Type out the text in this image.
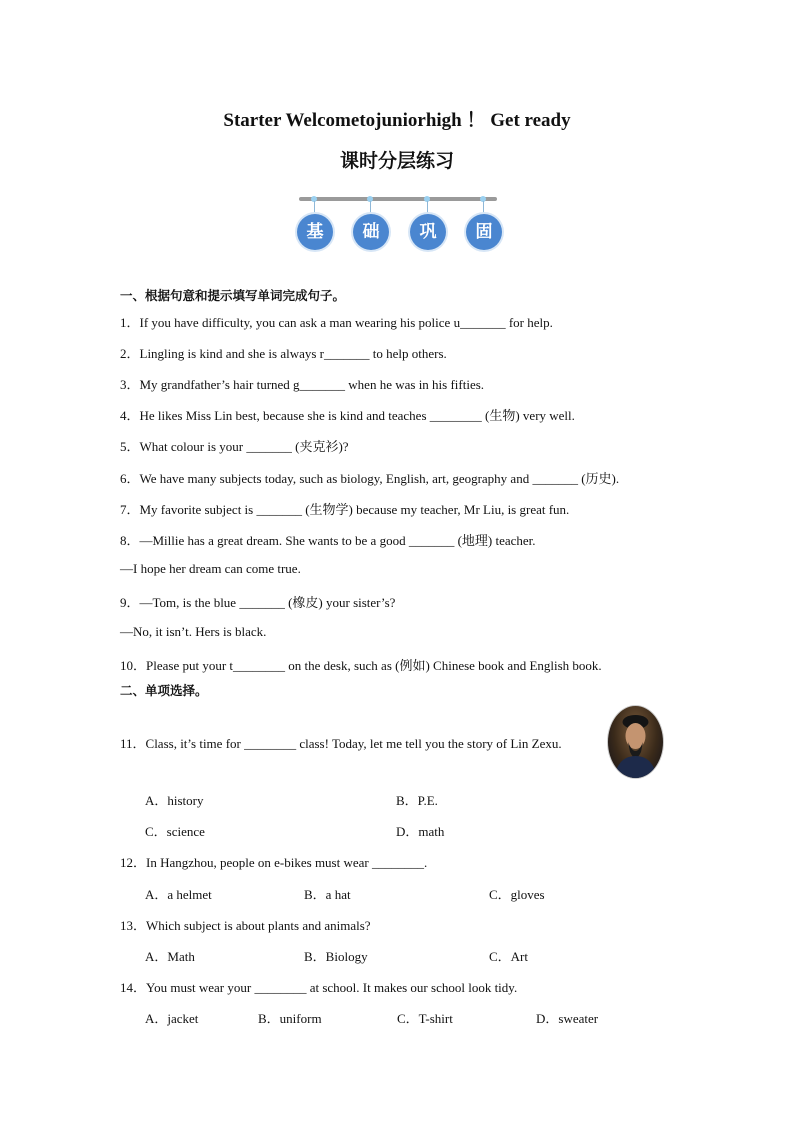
Starter Welcometojuniorhigh ！ Get ready
课时分层练习
基	础	巩	固
一、根据句意和提示填写单词完成句子。
1．If you have difficulty, you can ask a man wearing his police u_______ for help.
2．Lingling is kind and she is always r_______ to help others.
3．My grandfather’s hair turned g_______ when he was in his fifties.
4．He likes Miss Lin best, because she is kind and teaches ________ (生物) very well.
5．What colour is your _______ (夹克衫)?
6．We have many subjects today, such as biology, English, art, geography and _______ (历史).
7．My favorite subject is _______ (生物学) because my teacher, Mr Liu, is great fun.
8．—Millie has a great dream. She wants to be a good _______ (地理) teacher.
—I hope her dream can come true.
9．—Tom, is the blue _______ (橡皮) your sister’s?
—No, it isn’t. Hers is black.
10．Please put your t________ on the desk, such as (例如) Chinese book and English book.
二、单项选择。
11．Class, it’s time for ________ class! Today, let me tell you the story of Lin Zexu.
A．history	B．P.E.
C．science	D．math
12．In Hangzhou, people on e-bikes must wear ________.
A．a helmet	B．a hat	C．gloves
13．Which subject is about plants and animals?
A．Math	B．Biology	C．Art
14．You must wear your ________ at school. It makes our school look tidy.
A．jacket	B．uniform	C．T-shirt	D．sweater
